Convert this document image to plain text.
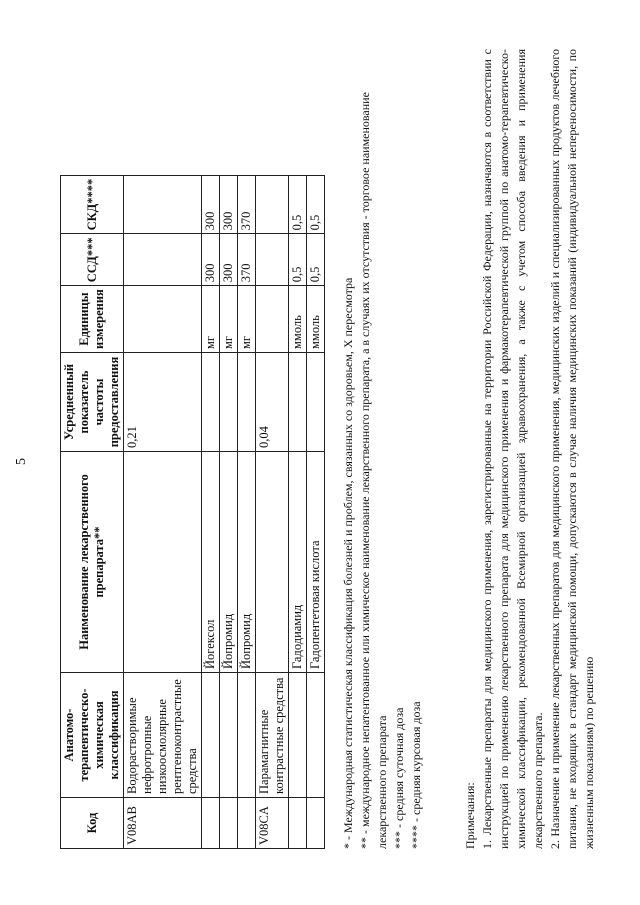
5
Код	Анатомо-терапевтическо-химическая классификация	Наименование лекарственного препарата**	Усредненный показатель частоты предоставления	Единицы измерения	ССД***	СКД****
V08AB	Водорастворимые нефротропные низкоосмолярные рентгеноконтрастные средства		0,21			
		Йогексол		мг	300	300
		Йопромид		мг	300	300
		Йопромид		мг	370	370
V08CA	Парамагнитные контрастные средства		0,04			
		Гадодиамид		ммоль	0,5	0,5
		Гадопентетовая кислота		ммоль	0,5	0,5

* - Международная статистическая классификация болезней и проблем, связанных со здоровьем, X пересмотра ** - международное непатентованное или химическое наименование лекарственного препарата, а в случаях их отсутствия - торговое наименование лекарственного препарата *** - средняя суточная доза **** - средняя курсовая доза	Примечания: 1. Лекарственные препараты для медицинского применения, зарегистрированные на территории Российской Федерации, назначаются в соответствии с инструкцией по применению лекарственного препарата для медицинского применения и фармакотерапевтической группой по анатомо-терапевтическо-химической классификации, рекомендованной Всемирной организацией здравоохранения, а также с учетом способа введения и применения лекарственного препарата. 2. Назначение и применение лекарственных препаратов для медицинского применения, медицинских изделий и специализированных продуктов лечебного питания, не входящих в стандарт медицинской помощи, допускаются в случае наличия медицинских показаний (индивидуальной непереносимости, по жизненным показаниям) по решению
